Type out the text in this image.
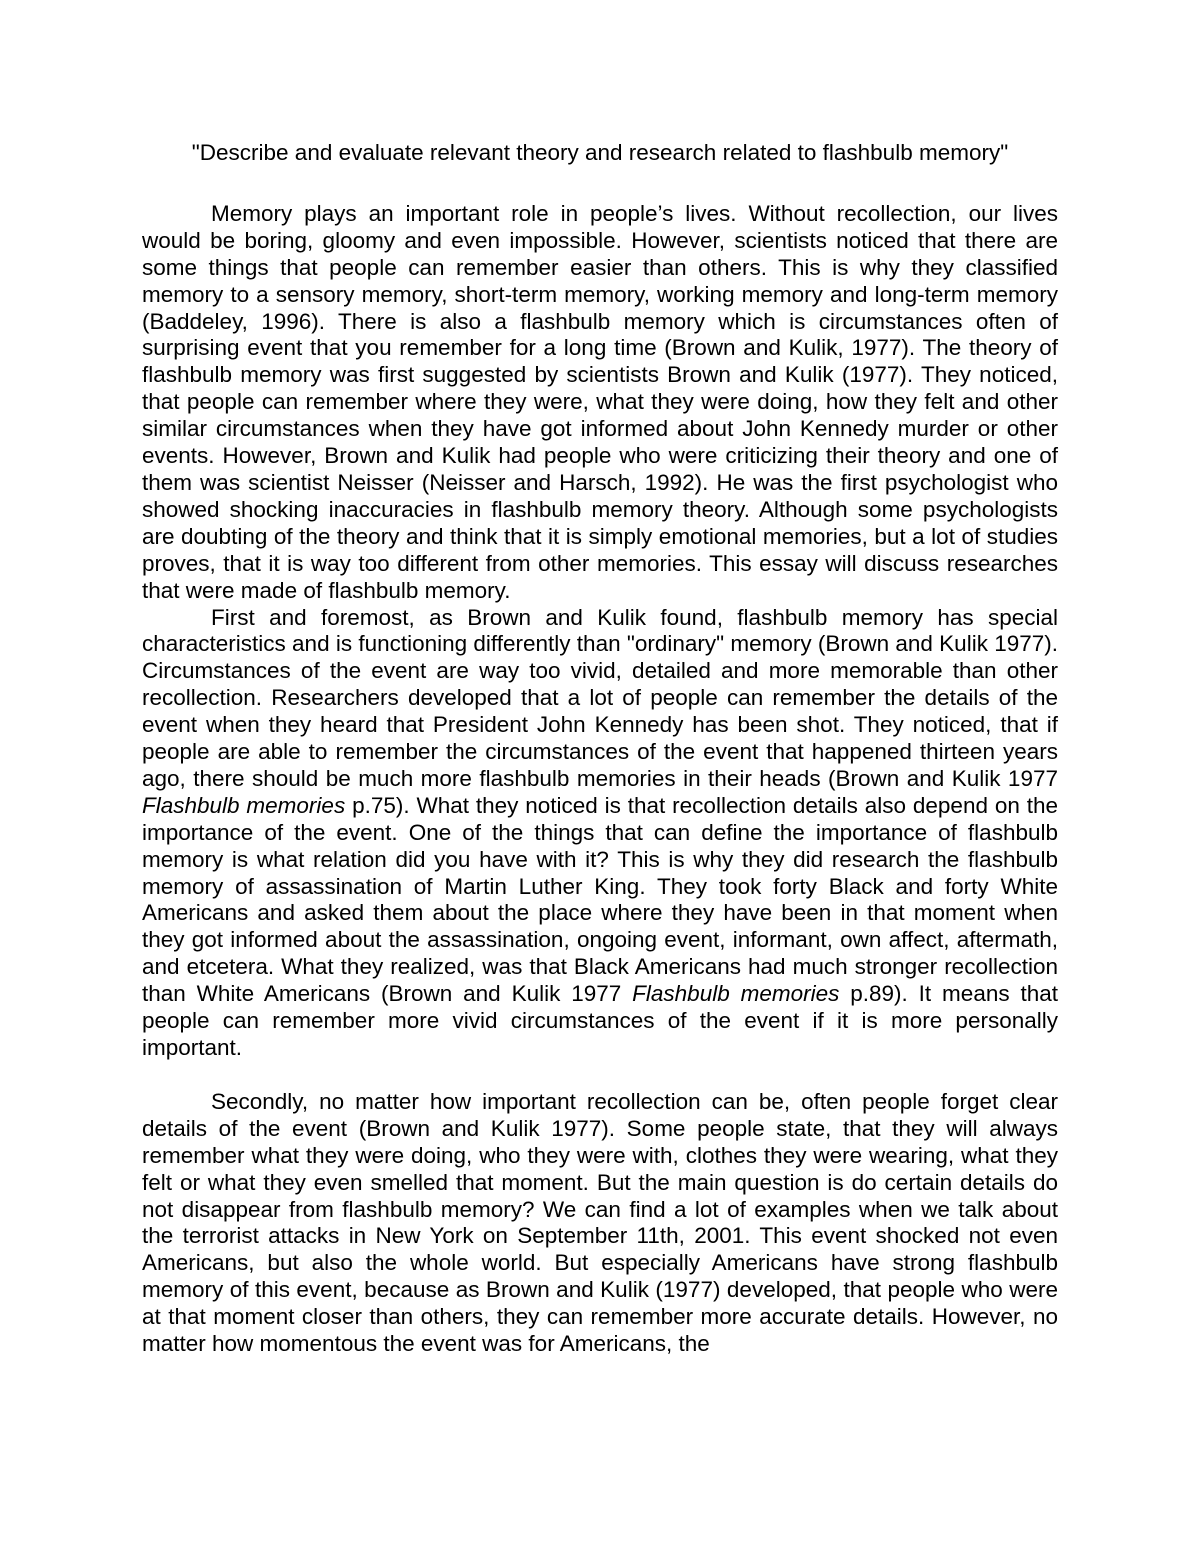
"Describe and evaluate relevant theory and research related to flashbulb memory"

Memory plays an important role in people’s lives. Without recollection, our lives would be boring, gloomy and even impossible. However, scientists noticed that there are some things that people can remember easier than others. This is why they classified memory to a sensory memory, short-term memory, working memory and long-term memory (Baddeley, 1996). There is also a flashbulb memory which is circumstances often of surprising event that you remember for a long time (Brown and Kulik, 1977). The theory of flashbulb memory was first suggested by scientists Brown and Kulik (1977). They noticed, that people can remember where they were, what they were doing, how they felt and other similar circumstances when they have got informed about John Kennedy murder or other events. However, Brown and Kulik had people who were criticizing their theory and one of them was scientist Neisser (Neisser and Harsch, 1992). He was the first psychologist who showed shocking inaccuracies in flashbulb memory theory. Although some psychologists are doubting of the theory and think that it is simply emotional memories, but a lot of studies proves, that it is way too different from other memories. This essay will discuss researches that were made of flashbulb memory.

First and foremost, as Brown and Kulik found, flashbulb memory has special characteristics and is functioning differently than "ordinary" memory (Brown and Kulik 1977). Circumstances of the event are way too vivid, detailed and more memorable than other recollection. Researchers developed that a lot of people can remember the details of the event when they heard that President John Kennedy has been shot. They noticed, that if people are able to remember the circumstances of the event that happened thirteen years ago, there should be much more flashbulb memories in their heads (Brown and Kulik 1977 Flashbulb memories p.75). What they noticed is that recollection details also depend on the importance of the event. One of the things that can define the importance of flashbulb memory is what relation did you have with it? This is why they did research the flashbulb memory of assassination of Martin Luther King. They took forty Black and forty White Americans and asked them about the place where they have been in that moment when they got informed about the assassination, ongoing event, informant, own affect, aftermath, and etcetera. What they realized, was that Black Americans had much stronger recollection than White Americans (Brown and Kulik 1977 Flashbulb memories p.89). It means that people can remember more vivid circumstances of the event if it is more personally important.

Secondly, no matter how important recollection can be, often people forget clear details of the event (Brown and Kulik 1977). Some people state, that they will always remember what they were doing, who they were with, clothes they were wearing, what they felt or what they even smelled that moment. But the main question is do certain details do not disappear from flashbulb memory? We can find a lot of examples when we talk about the terrorist attacks in New York on September 11th, 2001. This event shocked not even Americans, but also the whole world. But especially Americans have strong flashbulb memory of this event, because as Brown and Kulik (1977) developed, that people who were at that moment closer than others, they can remember more accurate details. However, no matter how momentous the event was for Americans, the
